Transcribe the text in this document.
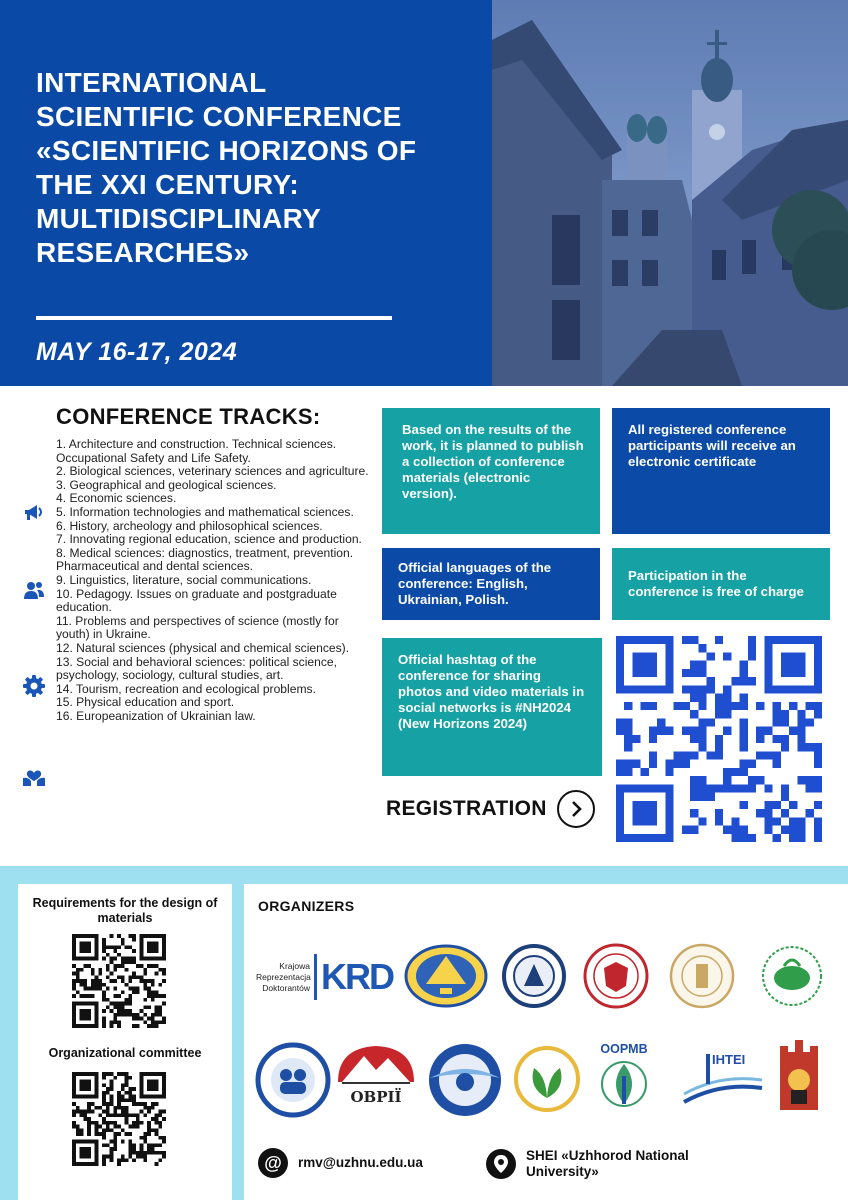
INTERNATIONAL
SCIENTIFIC CONFERENCE
«SCIENTIFIC HORIZONS OF
THE XXI CENTURY:
MULTIDISCIPLINARY
RESEARCHES»
MAY 16-17, 2024
CONFERENCE TRACKS:
1. Architecture and construction. Technical sciences. Occupational Safety and Life Safety.
2. Biological sciences, veterinary sciences and agriculture.
3. Geographical and geological sciences.
4. Economic sciences.
5. Information technologies and mathematical sciences.
6. History, archeology and philosophical sciences.
7. Innovating regional education, science and production.
8. Medical sciences: diagnostics, treatment, prevention. Pharmaceutical and dental sciences.
9. Linguistics, literature, social communications.
10. Pedagogy. Issues on graduate and postgraduate education.
11. Problems and perspectives of science (mostly for youth) in Ukraine.
12. Natural sciences (physical and chemical sciences).
13. Social and behavioral sciences: political science, psychology, sociology, cultural studies, art.
14. Tourism, recreation and ecological problems.
15. Physical education and sport.
16. Europeanization of Ukrainian law.
Based on the results of the work, it is planned to publish a collection of conference materials (electronic version).
All registered conference participants will receive an electronic certificate
Official languages of the conference: English, Ukrainian, Polish.
Participation in the conference is free of charge
Official hashtag of the conference for sharing photos and video materials in social networks is #NH2024 (New Horizons 2024)
REGISTRATION
Requirements for the design of materials
Organizational committee
ORGANIZERS
Krajowa
Reprezentacja
Doktorantów KRD
ОВРІЇ
OOPMB
IHTEI
@ rmv@uzhnu.edu.ua	SHEI «Uzhhorod National University»
